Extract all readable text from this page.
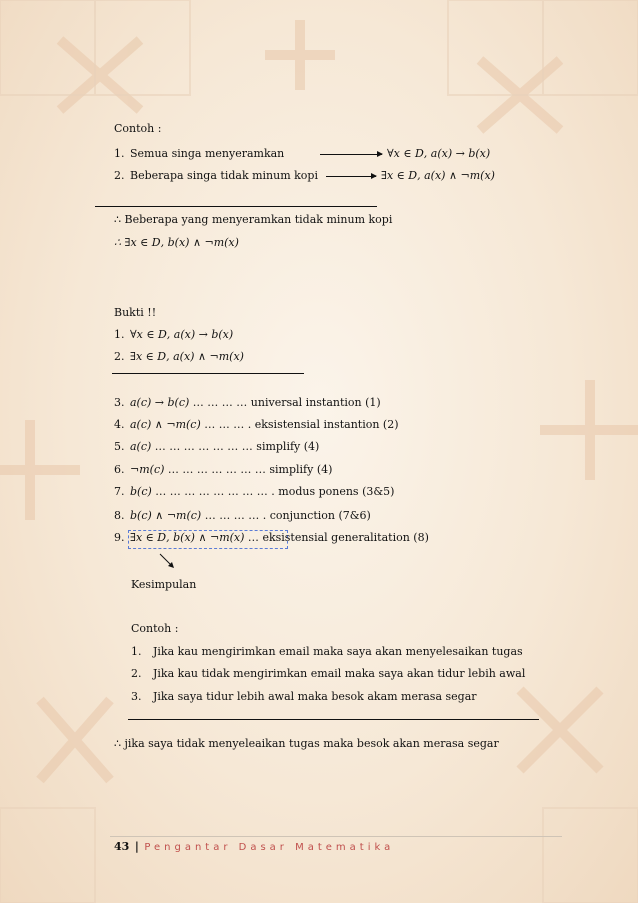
Contoh :
1. Semua singa menyeramkan	∀𝑥 ∈ 𝐷, 𝑎(𝑥) → 𝑏(𝑥)
2. Beberapa singa tidak minum kopi	∃𝑥 ∈ 𝐷, 𝑎(𝑥) ∧ ¬𝑚(𝑥)
∴ Beberapa yang menyeramkan tidak minum kopi
∴ ∃𝑥 ∈ 𝐷, 𝑏(𝑥) ∧ ¬𝑚(𝑥)
Bukti !!
1. ∀𝑥 ∈ 𝐷, 𝑎(𝑥) → 𝑏(𝑥)
2. ∃𝑥 ∈ 𝐷, 𝑎(𝑥) ∧ ¬𝑚(𝑥)
3. 𝑎(𝑐) → 𝑏(𝑐) … … … … universal instantion (1)
4. 𝑎(𝑐) ∧ ¬𝑚(𝑐) … … … . eksistensial instantion (2)
5. 𝑎(𝑐) … … … … … … … simplify (4)
6. ¬𝑚(𝑐) … … … … … … … simplify (4)
7. 𝑏(𝑐) … … … … … … … … . modus ponens (3&5)
8. 𝑏(𝑐) ∧ ¬𝑚(𝑐) … … … … . conjunction (7&6)
9. ∃𝑥 ∈ 𝐷, 𝑏(𝑥) ∧ ¬𝑚(𝑥) … eksistensial generalitation (8)
Kesimpulan
Contoh :
1. Jika kau mengirimkan email maka saya akan menyelesaikan tugas
2. Jika kau tidak mengirimkan email maka saya akan tidur lebih awal
3. Jika saya tidur lebih awal maka besok akam merasa segar
∴ jika saya tidak menyeleaikan tugas maka besok akan merasa segar
43 | Pengantar Dasar Matematika
